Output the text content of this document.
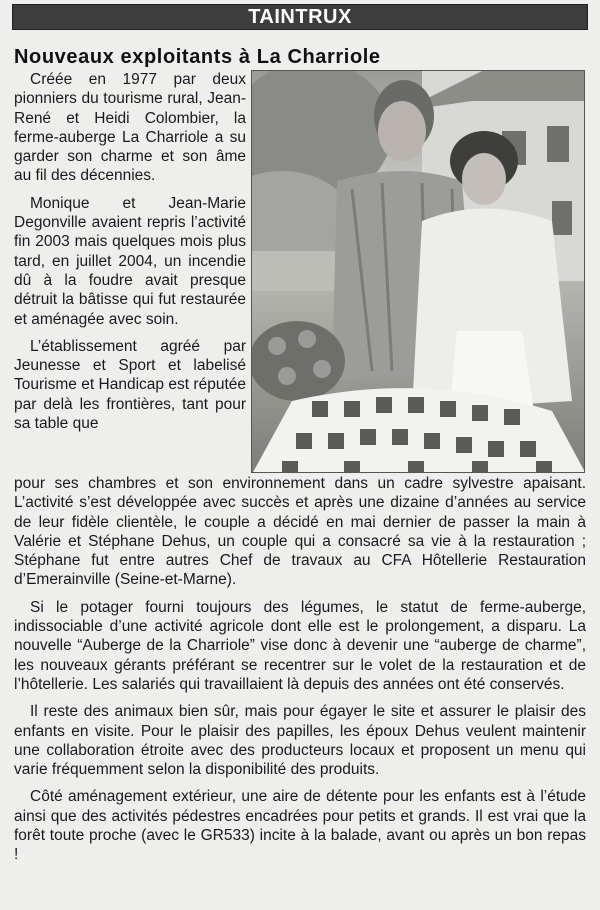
TAINTRUX
Nouveaux exploitants à La Charriole

Créée en 1977 par deux pionniers du tourisme rural, Jean-René et Heidi Colombier, la ferme-auberge La Charriole a su garder son charme et son âme au fil des décennies.

Monique et Jean-Marie Degonville avaient repris l’activité fin 2003 mais quelques mois plus tard, en juillet 2004, un incendie dû à la foudre avait presque détruit la bâtisse qui fut restaurée et aménagée avec soin.

L’établissement agréé par Jeunesse et Sport et labelisé Tourisme et Handicap est réputée par delà les frontières, tant pour sa table que

pour ses chambres et son environnement dans un cadre sylvestre apaisant. L’activité s’est développée avec succès et après une dizaine d’années au service de leur fidèle clientèle, le couple a décidé en mai dernier de passer la main à Valérie et Stéphane Dehus, un couple qui a consacré sa vie à la restauration ; Stéphane fut entre autres Chef de travaux au CFA Hôtellerie Restauration d’Emerainville (Seine-et-Marne).

Si le potager fourni toujours des légumes, le statut de ferme-auberge, indissociable d’une activité agricole dont elle est le prolongement, a disparu. La nouvelle “Auberge de la Charriole” vise donc à devenir une “auberge de charme”, les nouveaux gérants préférant se recentrer sur le volet de la restauration et de l’hôtellerie. Les salariés qui travaillaient là depuis des années ont été conservés.

Il reste des animaux bien sûr, mais pour égayer le site et assurer le plaisir des enfants en visite. Pour le plaisir des papilles, les époux Dehus veulent maintenir une collaboration étroite avec des producteurs locaux et proposent un menu qui varie fréquemment selon la disponibilité des produits.

Côté aménagement extérieur, une aire de détente pour les enfants est à l’étude ainsi que des activités pédestres encadrées pour petits et grands. Il est vrai que la forêt toute proche (avec le GR533) incite à la balade, avant ou après un bon repas !
